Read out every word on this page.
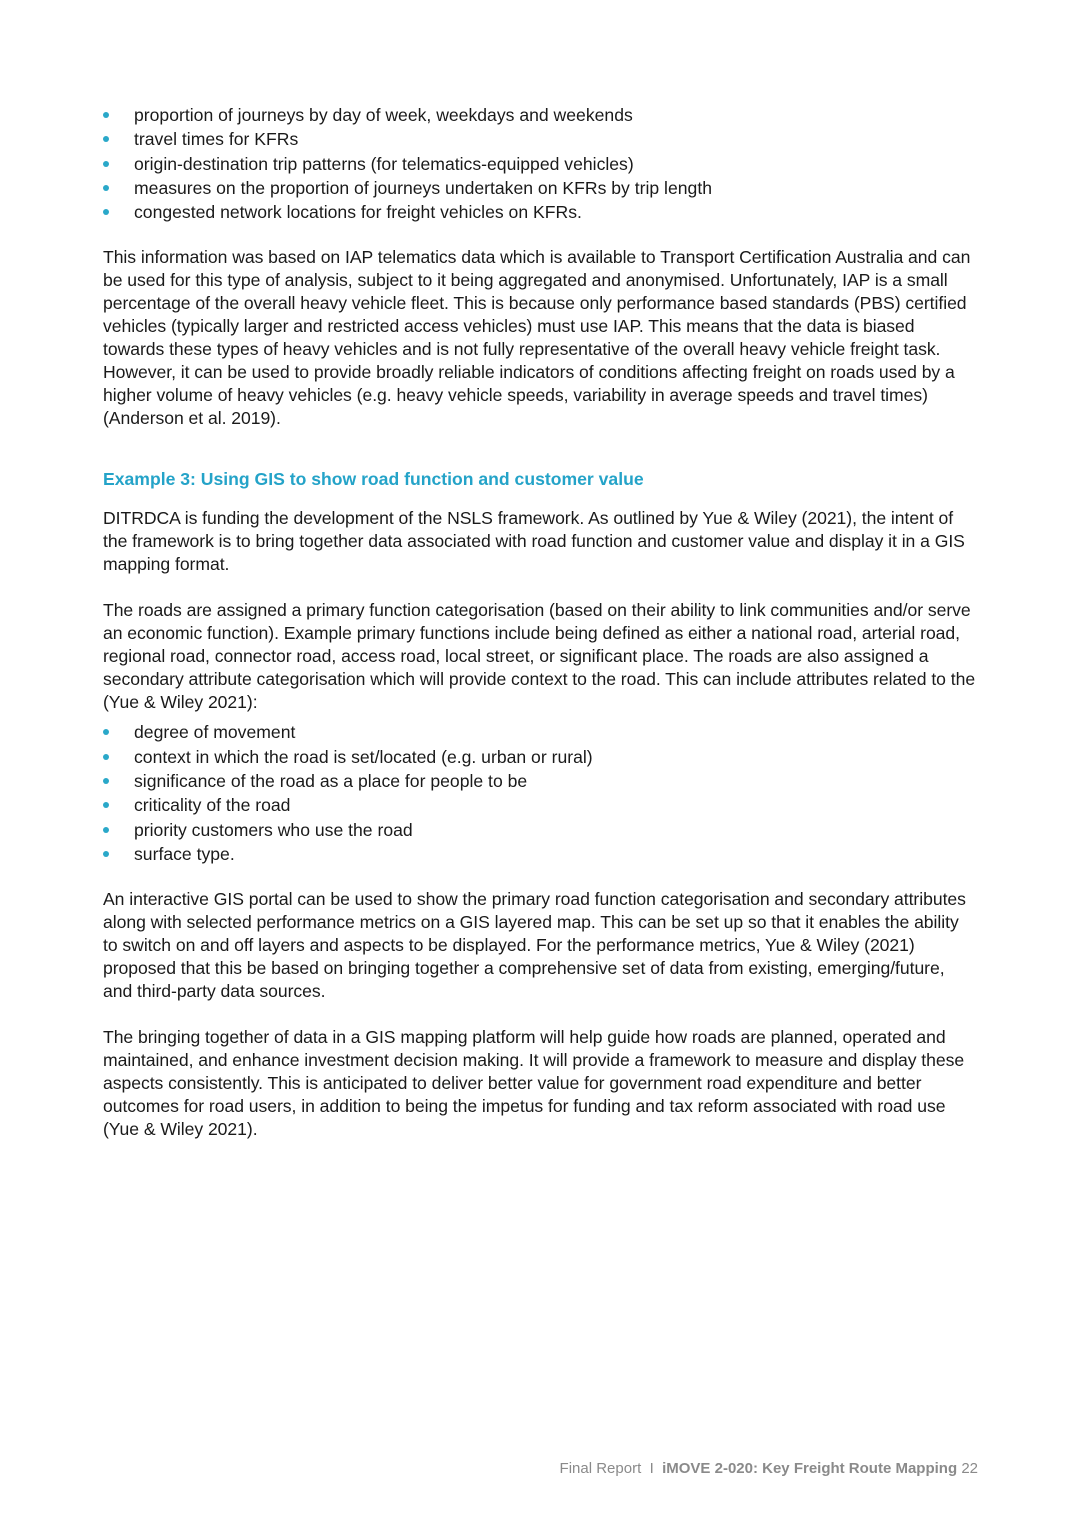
proportion of journeys by day of week, weekdays and weekends
travel times for KFRs
origin-destination trip patterns (for telematics-equipped vehicles)
measures on the proportion of journeys undertaken on KFRs by trip length
congested network locations for freight vehicles on KFRs.

This information was based on IAP telematics data which is available to Transport Certification Australia and can be used for this type of analysis, subject to it being aggregated and anonymised. Unfortunately, IAP is a small percentage of the overall heavy vehicle fleet. This is because only performance based standards (PBS) certified vehicles (typically larger and restricted access vehicles) must use IAP. This means that the data is biased towards these types of heavy vehicles and is not fully representative of the overall heavy vehicle freight task. However, it can be used to provide broadly reliable indicators of conditions affecting freight on roads used by a higher volume of heavy vehicles (e.g. heavy vehicle speeds, variability in average speeds and travel times) (Anderson et al. 2019).

Example 3: Using GIS to show road function and customer value

DITRDCA is funding the development of the NSLS framework. As outlined by Yue & Wiley (2021), the intent of the framework is to bring together data associated with road function and customer value and display it in a GIS mapping format.

The roads are assigned a primary function categorisation (based on their ability to link communities and/or serve an economic function). Example primary functions include being defined as either a national road, arterial road, regional road, connector road, access road, local street, or significant place. The roads are also assigned a secondary attribute categorisation which will provide context to the road. This can include attributes related to the (Yue & Wiley 2021):

degree of movement
context in which the road is set/located (e.g. urban or rural)
significance of the road as a place for people to be
criticality of the road
priority customers who use the road
surface type.

An interactive GIS portal can be used to show the primary road function categorisation and secondary attributes along with selected performance metrics on a GIS layered map. This can be set up so that it enables the ability to switch on and off layers and aspects to be displayed. For the performance metrics, Yue & Wiley (2021) proposed that this be based on bringing together a comprehensive set of data from existing, emerging/future, and third-party data sources.

The bringing together of data in a GIS mapping platform will help guide how roads are planned, operated and maintained, and enhance investment decision making. It will provide a framework to measure and display these aspects consistently. This is anticipated to deliver better value for government road expenditure and better outcomes for road users, in addition to being the impetus for funding and tax reform associated with road use (Yue & Wiley 2021).

Final Report I iMOVE 2-020: Key Freight Route Mapping 22
